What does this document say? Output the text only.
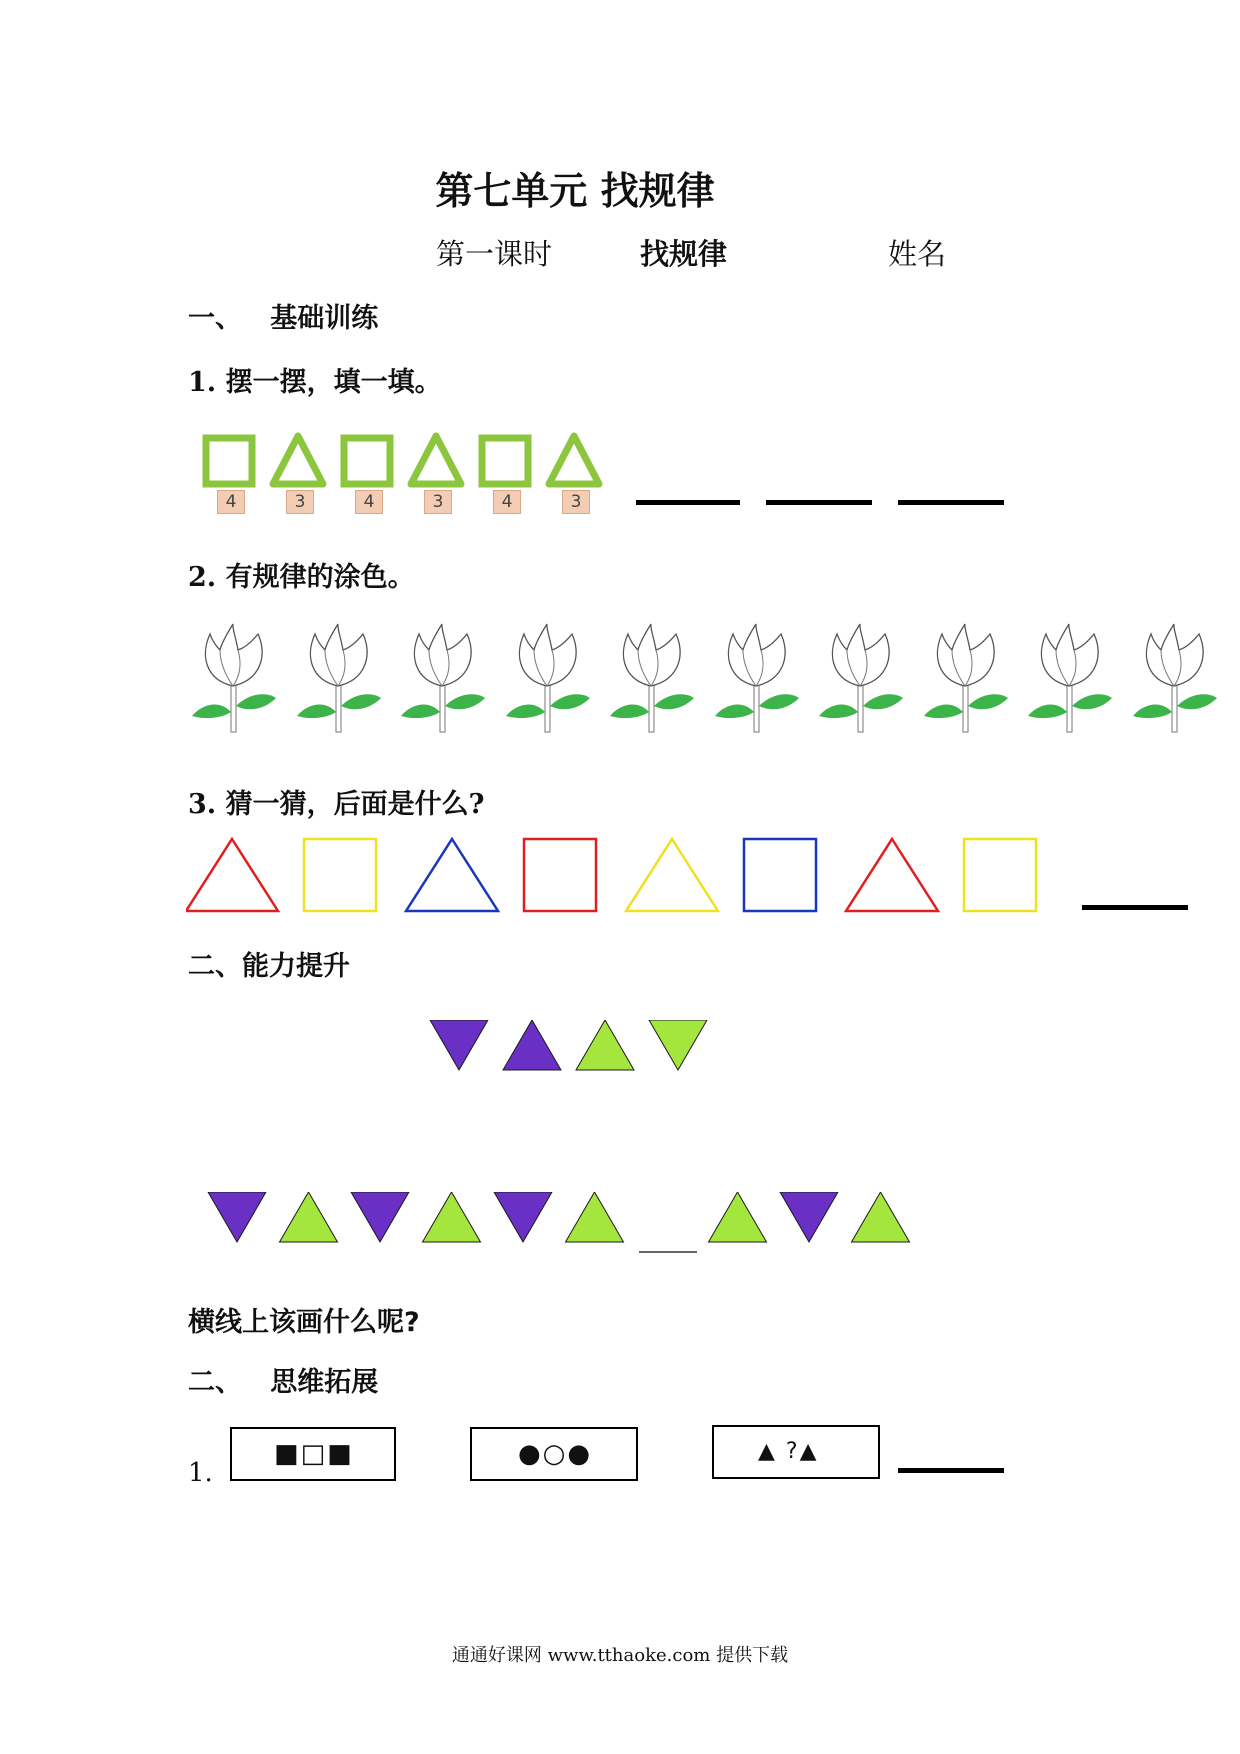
第七单元 找规律
第一课时	找规律	姓名
一、   基础训练
1. 摆一摆，填一填。
4	3	4	3	4	3
2. 有规律的涂色。
3. 猜一猜，后面是什么?
二、能力提升
横线上该画什么呢?
二、   思维拓展
1.
■□■	●○●	▲ ?▲
通通好课网 www.tthaoke.com 提供下载
